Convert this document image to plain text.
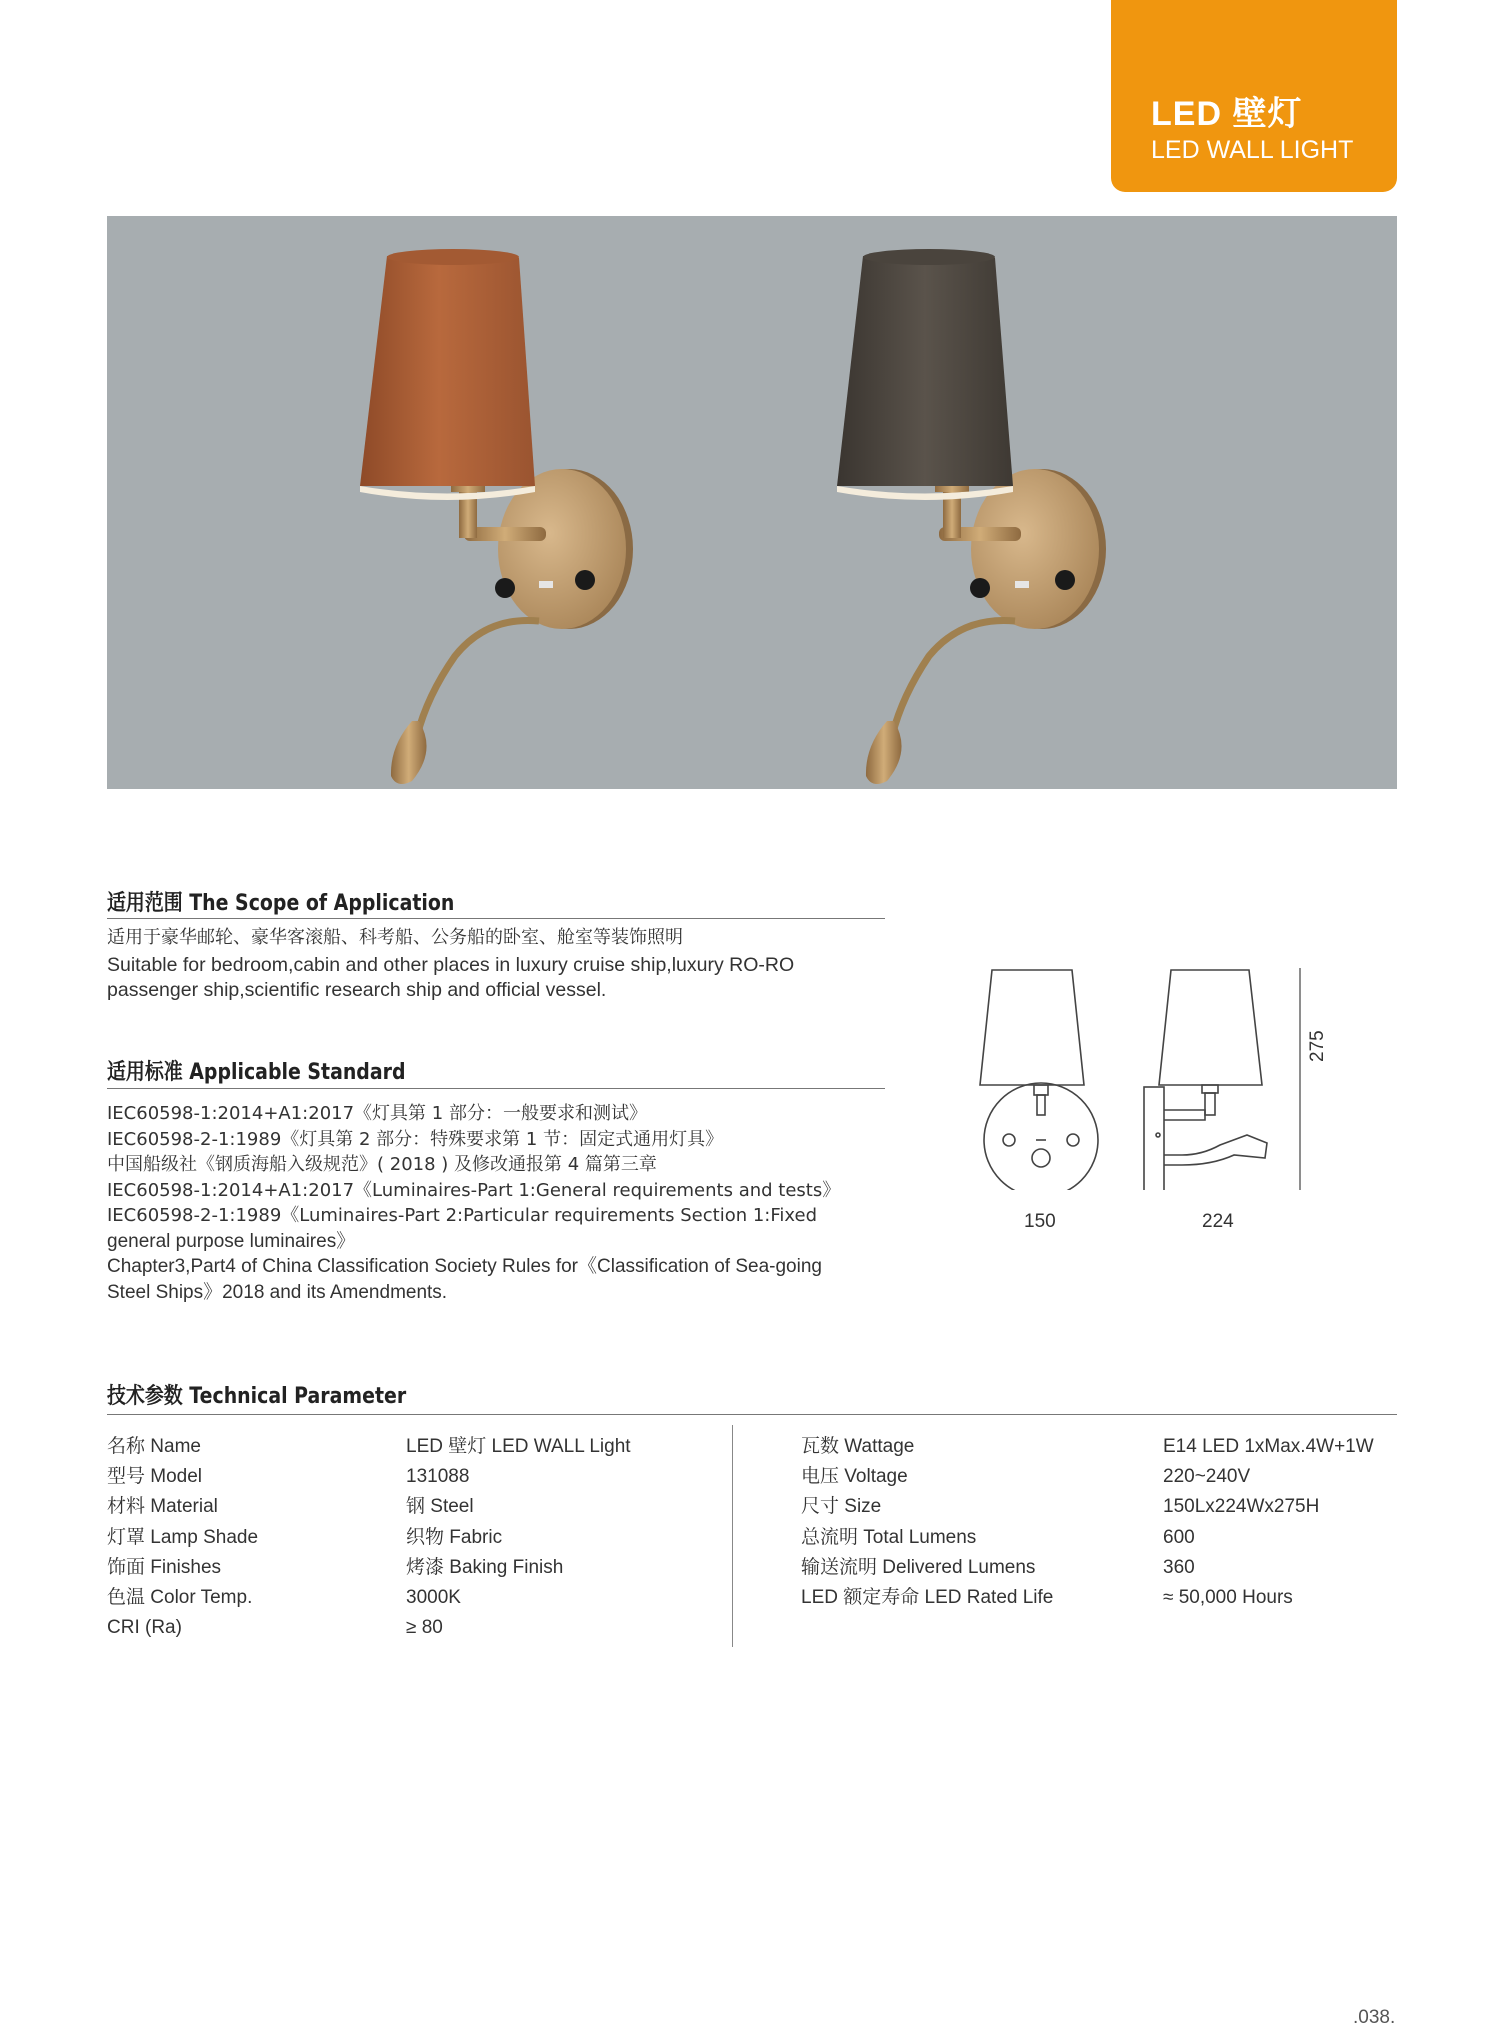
LED 壁灯
LED WALL LIGHT
适用范围 The Scope of Application

适用于豪华邮轮、豪华客滚船、科考船、公务船的卧室、舱室等装饰照明

Suitable for bedroom,cabin and other places in luxury cruise ship,luxury RO-RO

passenger ship,scientific research ship and official vessel.

适用标准 Applicable Standard

IEC60598-1:2014+A1:2017《灯具第 1 部分：一般要求和测试》

IEC60598-2-1:1989《灯具第 2 部分：特殊要求第 1 节：固定式通用灯具》

中国船级社《钢质海船入级规范》( 2018 ) 及修改通报第 4 篇第三章

IEC60598-1:2014+A1:2017《Luminaires-Part 1:General requirements and tests》

IEC60598-2-1:1989《Luminaires-Part 2:Particular requirements Section 1:Fixed

general purpose luminaires》

Chapter3,Part4 of China Classification Society Rules for《Classification of Sea-going

Steel Ships》2018 and its Amendments.

150	224
275
技术参数 Technical Parameter
名称 Name
型号 Model
材料 Material
灯罩 Lamp Shade
饰面 Finishes
色温 Color Temp.
CRI (Ra)
LED 壁灯 LED WALL Light
131088
钢 Steel
织物 Fabric
烤漆 Baking Finish
3000K
≥ 80
瓦数 Wattage
电压 Voltage
尺寸 Size
总流明 Total Lumens
输送流明 Delivered Lumens
LED 额定寿命 LED Rated Life
E14 LED 1xMax.4W+1W
220~240V
150Lx224Wx275H
600
360
≈ 50,000 Hours
.038.
